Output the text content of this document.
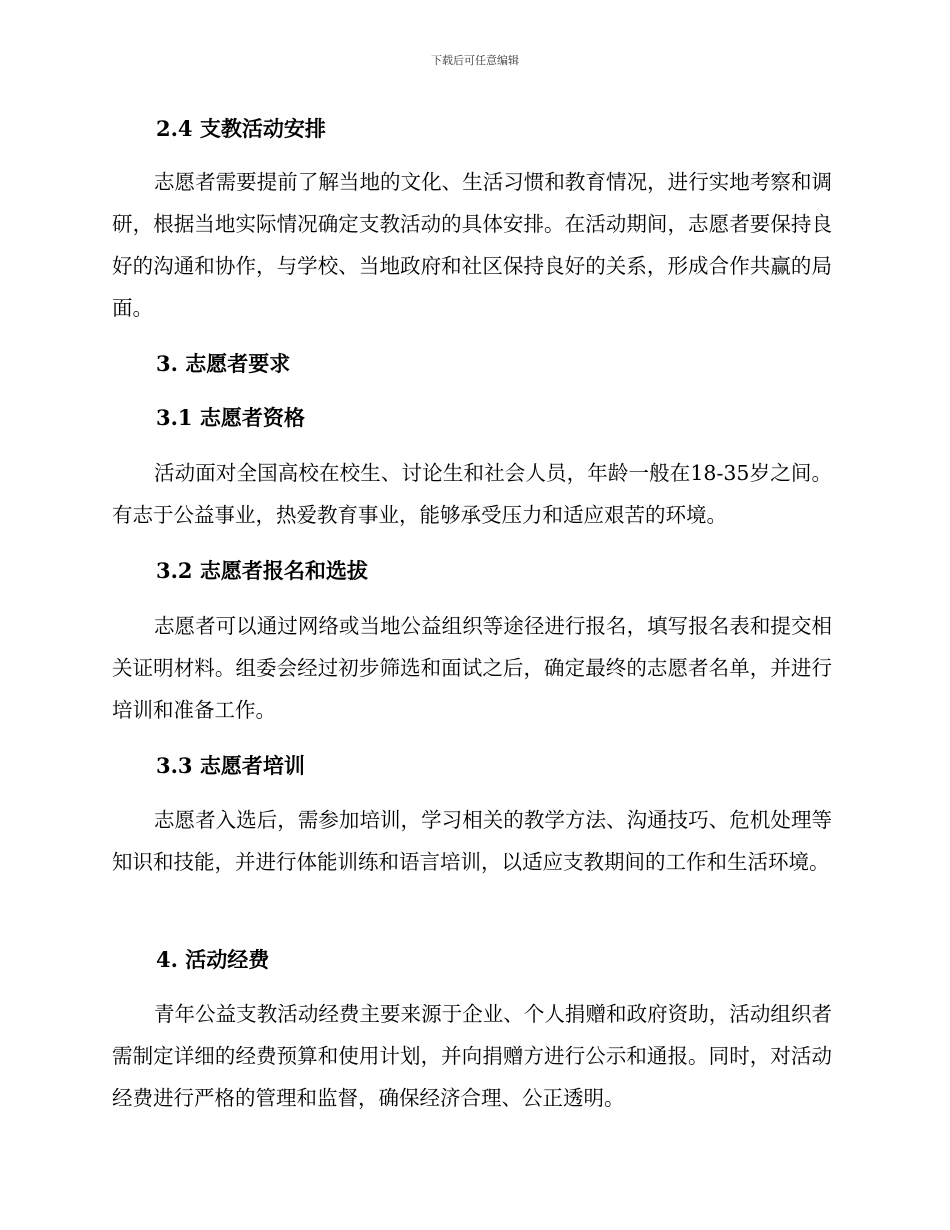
下载后可任意编辑
2.4 支教活动安排
志愿者需要提前了解当地的文化、生活习惯和教育情况，进行实地考察和调研，根据当地实际情况确定支教活动的具体安排。在活动期间，志愿者要保持良好的沟通和协作，与学校、当地政府和社区保持良好的关系，形成合作共赢的局面。
3. 志愿者要求
3.1 志愿者资格
活动面对全国高校在校生、讨论生和社会人员，年龄一般在18-35岁之间。有志于公益事业，热爱教育事业，能够承受压力和适应艰苦的环境。
3.2 志愿者报名和选拔
志愿者可以通过网络或当地公益组织等途径进行报名，填写报名表和提交相关证明材料。组委会经过初步筛选和面试之后，确定最终的志愿者名单，并进行培训和准备工作。
3.3 志愿者培训
志愿者入选后，需参加培训，学习相关的教学方法、沟通技巧、危机处理等知识和技能，并进行体能训练和语言培训，以适应支教期间的工作和生活环境。
4. 活动经费
青年公益支教活动经费主要来源于企业、个人捐赠和政府资助，活动组织者需制定详细的经费预算和使用计划，并向捐赠方进行公示和通报。同时，对活动经费进行严格的管理和监督，确保经济合理、公正透明。
